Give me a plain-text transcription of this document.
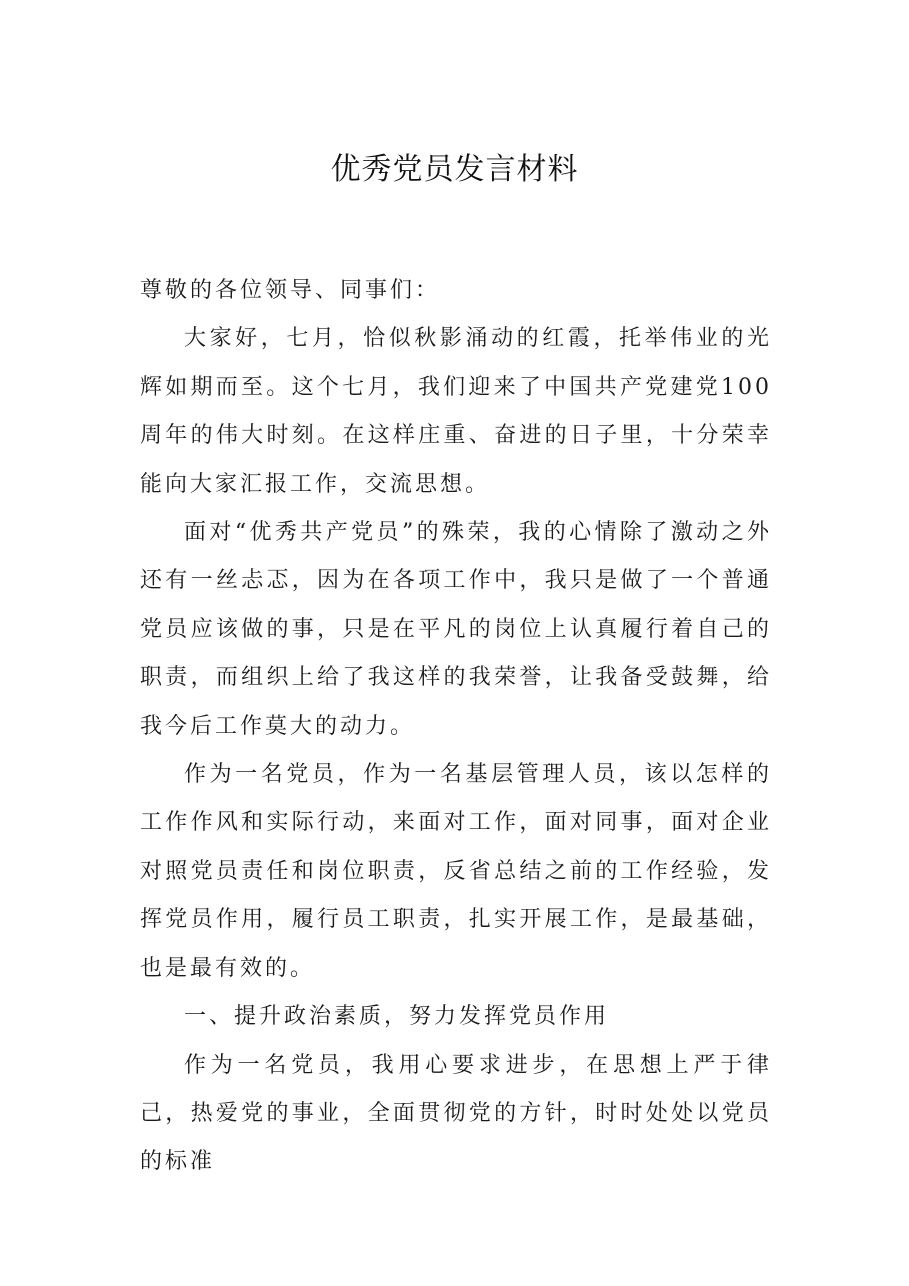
优秀党员发言材料

尊敬的各位领导、同事们：

大家好，七月，恰似秋影涌动的红霞，托举伟业的光辉如期而至。这个七月，我们迎来了中国共产党建党100周年的伟大时刻。在这样庄重、奋进的日子里，十分荣幸能向大家汇报工作，交流思想。

面对“优秀共产党员”的殊荣，我的心情除了激动之外还有一丝忐忑，因为在各项工作中，我只是做了一个普通党员应该做的事，只是在平凡的岗位上认真履行着自己的职责，而组织上给了我这样的我荣誉，让我备受鼓舞，给我今后工作莫大的动力。

作为一名党员，作为一名基层管理人员，该以怎样的工作作风和实际行动，来面对工作，面对同事，面对企业对照党员责任和岗位职责，反省总结之前的工作经验，发挥党员作用，履行员工职责，扎实开展工作，是最基础，也是最有效的。

一、提升政治素质，努力发挥党员作用

作为一名党员，我用心要求进步，在思想上严于律己，热爱党的事业，全面贯彻党的方针，时时处处以党员的标准
